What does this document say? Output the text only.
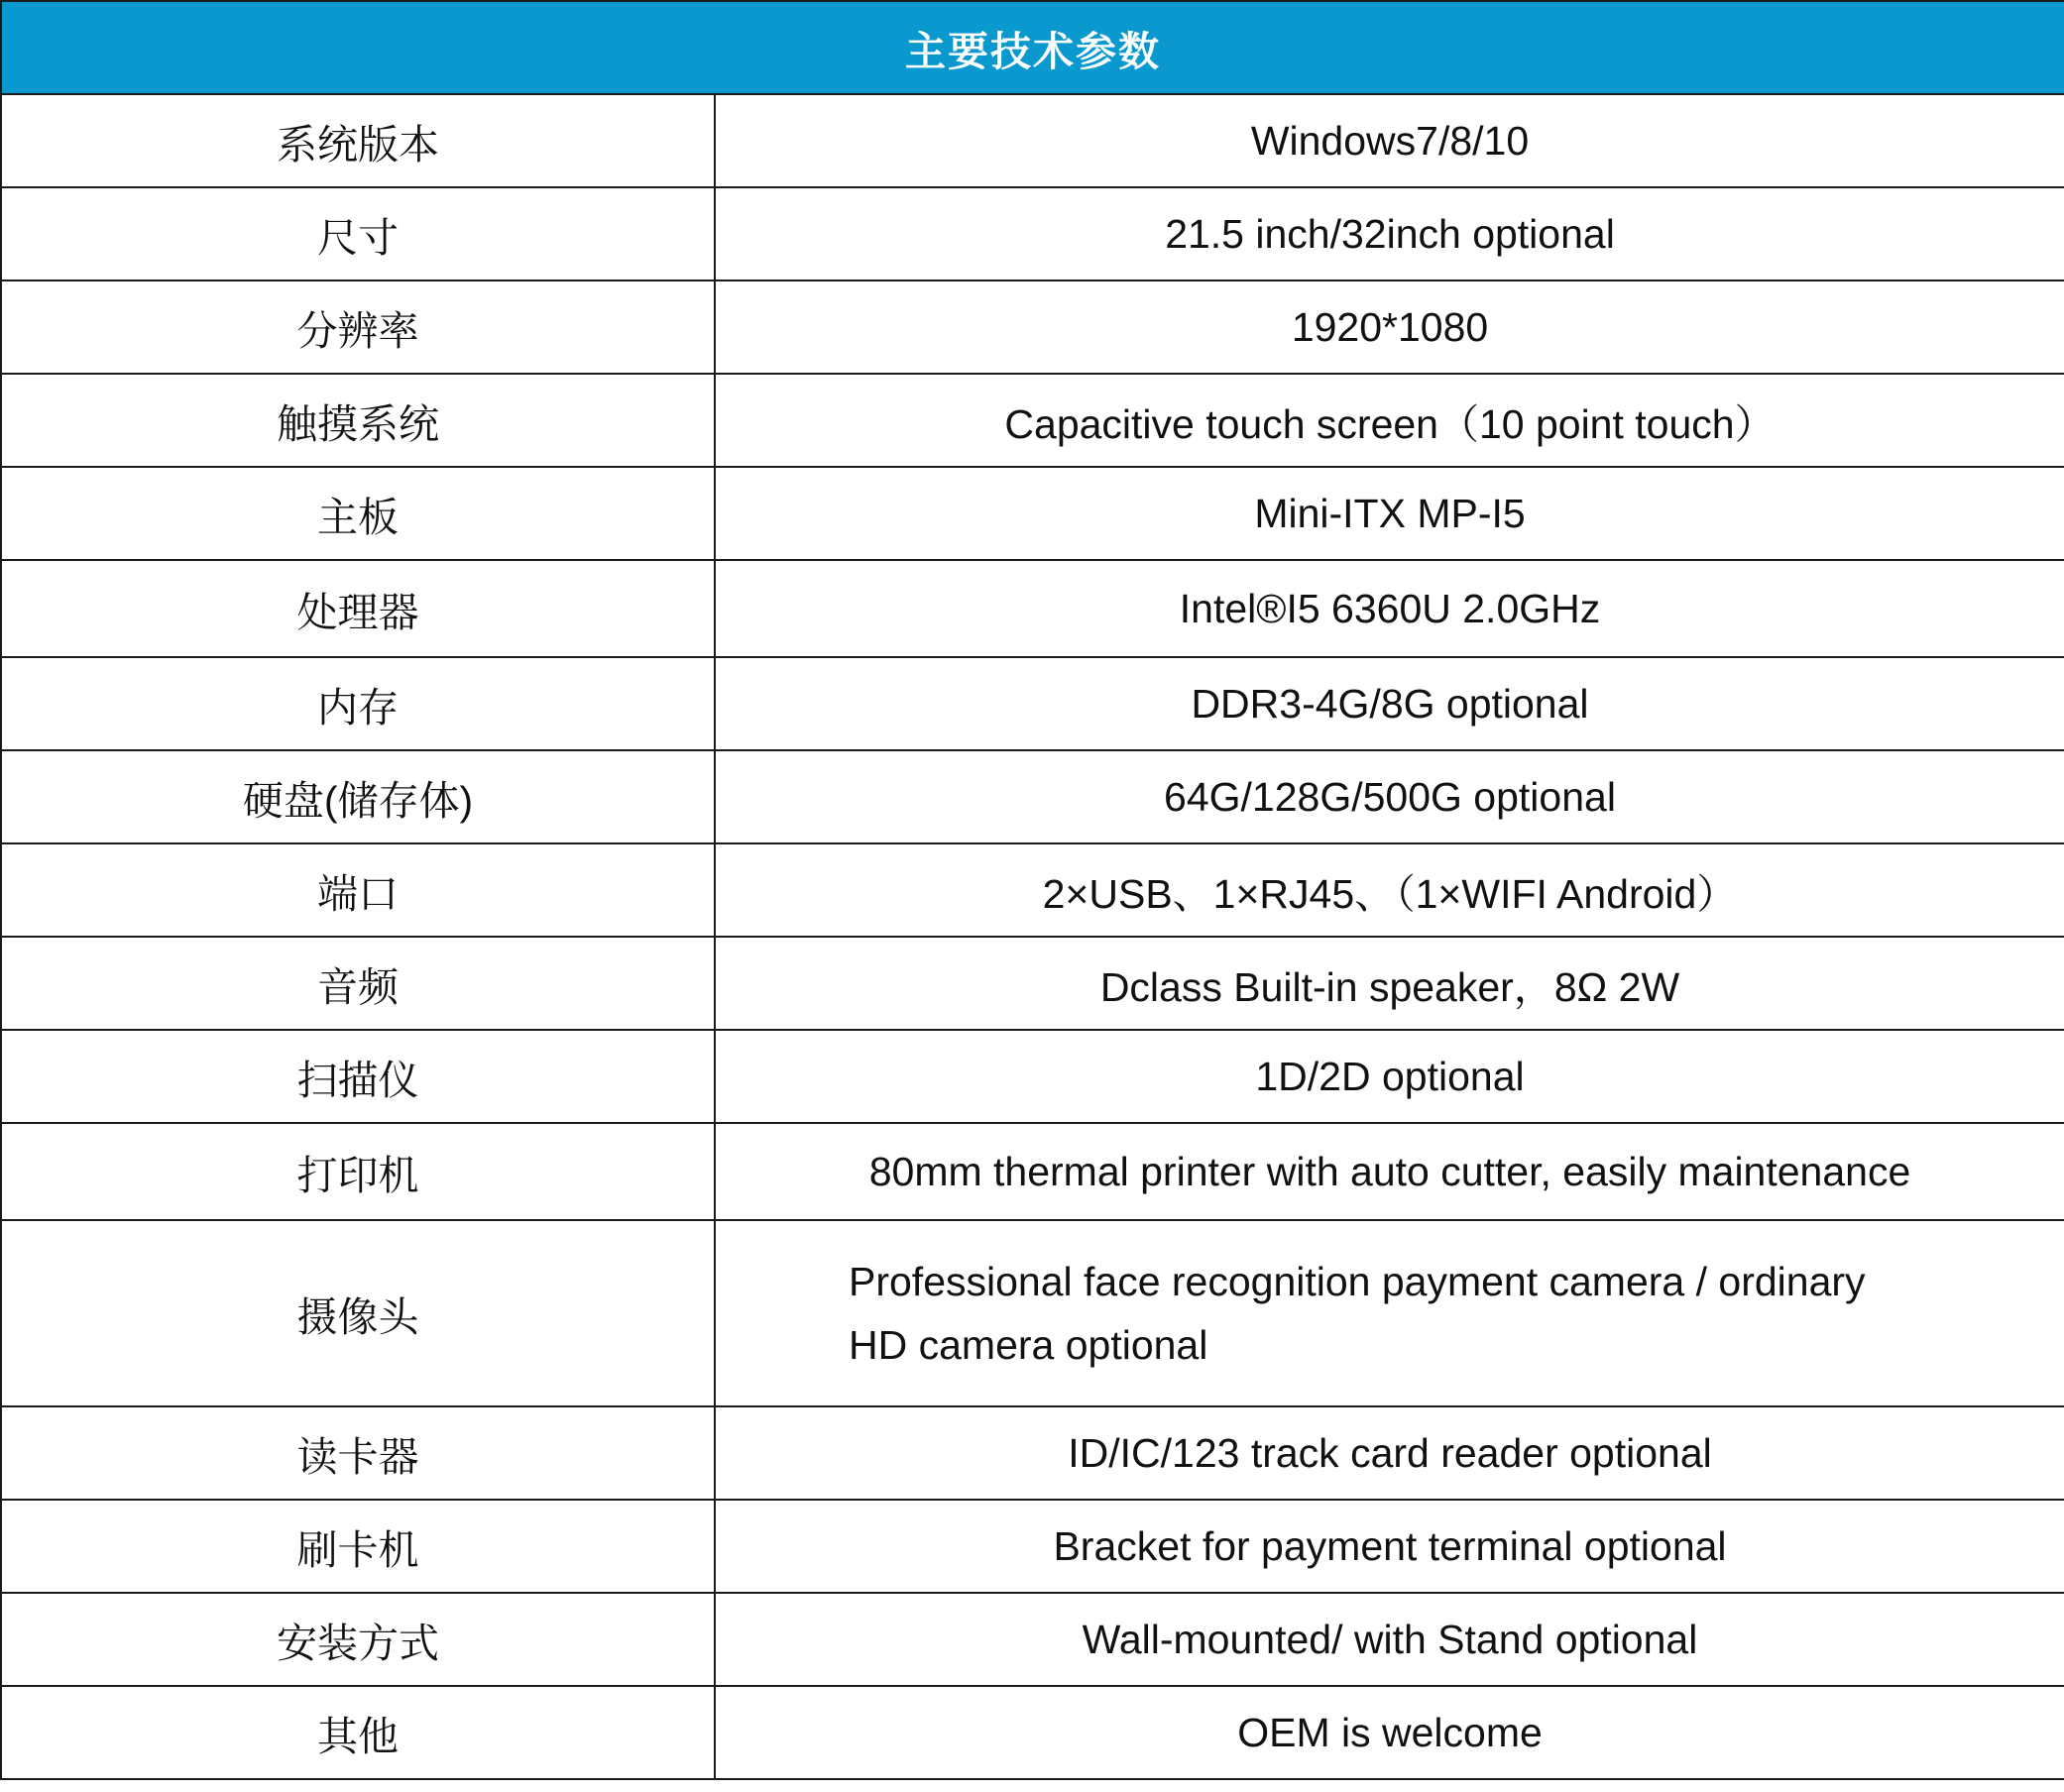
主要技术参数	
系统版本	Windows7/8/10
尺寸	21.5 inch/32inch optional
分辨率	1920*1080
触摸系统	Capacitive touch screen（10 point touch）
主板	Mini-ITX MP-I5
处理器	Intel®I5 6360U 2.0GHz
内存	DDR3-4G/8G optional
硬盘(储存体)	64G/128G/500G optional
端口	2×USB、1×RJ45、（1×WIFI Android）
音频	Dclass Built-in speaker，8Ω 2W
扫描仪	1D/2D optional
打印机	80mm thermal printer with auto cutter, easily maintenance
摄像头	Professional face recognition payment camera / ordinary
HD camera optional

读卡器	ID/IC/123 track card reader optional
刷卡机	Bracket for payment terminal optional
安装方式	Wall-mounted/ with Stand optional
其他	OEM is welcome
